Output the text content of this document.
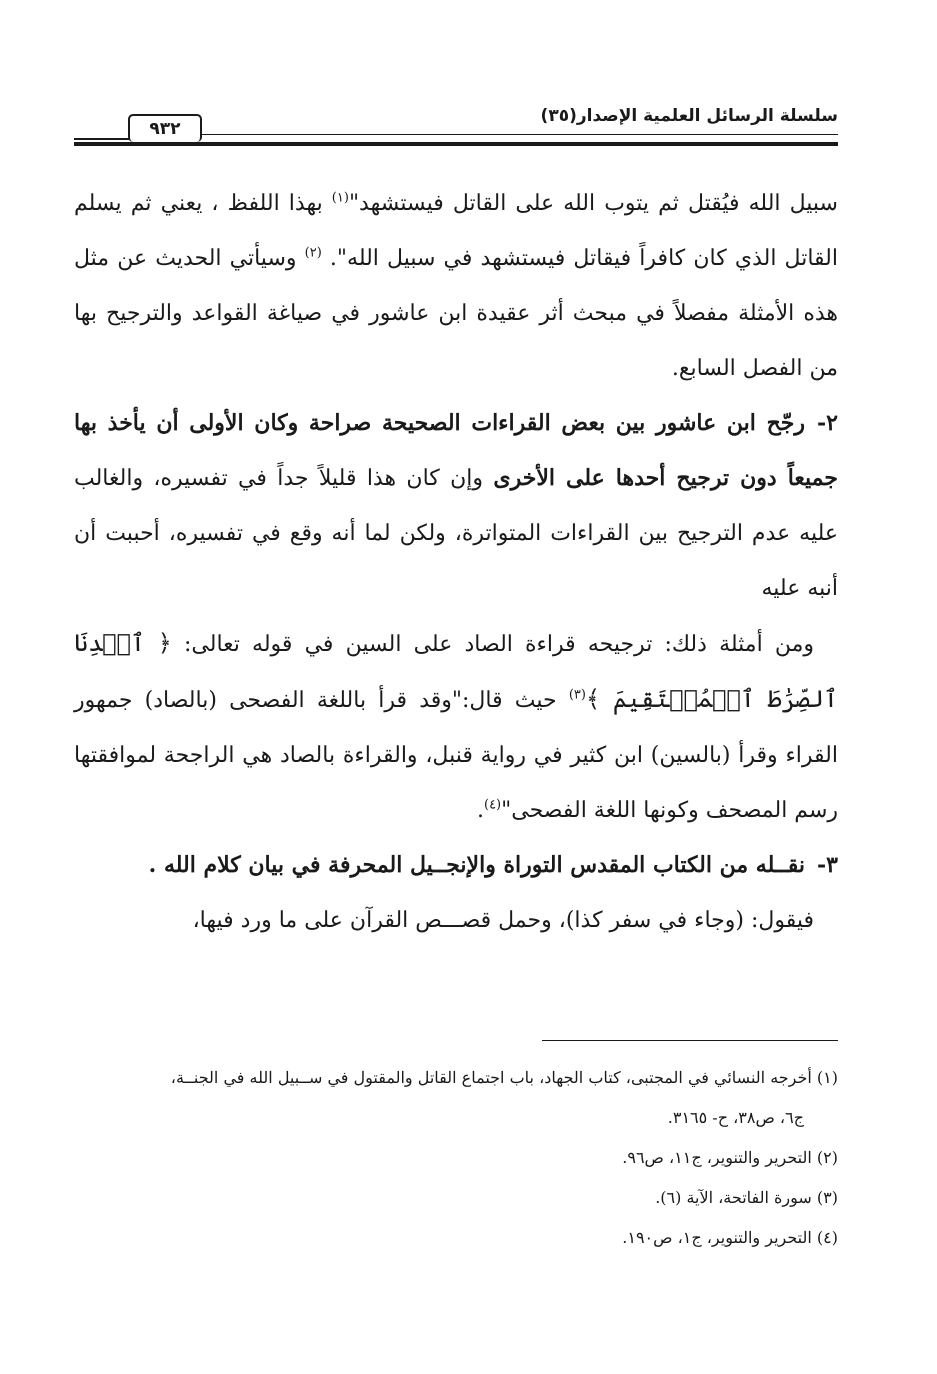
سلسلة الرسائل العلمية الإصدار(٣٥)
٩٣٢

سبيل الله فيُقتل ثم يتوب الله على القاتل فيستشهد"$^{(١)}$ بهذا اللفظ ، يعني ثم يسلم القاتل الذي كان كافراً فيقاتل فيستشهد في سبيل الله". $^{(٢)}$ وسيأتي الحديث عن مثل هذه الأمثلة مفصلاً في مبحث أثر عقيدة ابن عاشور في صياغة القواعد والترجيح بها من الفصل السابع.

٢-رجّح ابن عاشور بين بعض القراءات الصحيحة صراحة وكان الأولى أن يأخذ بها جميعاً دون ترجيح أحدها على الأخرى وإن كان هذا قليلاً جداً في تفسيره، والغالب عليه عدم الترجيح بين القراءات المتواترة، ولكن لما أنه وقع في تفسيره، أحببت أن أنبه عليه

ومن أمثلة ذلك: ترجيحه قراءة الصاد على السين في قوله تعالى: ﴿ ٱهۡدِنَا ٱلصِّرَٰطَ ٱلۡمُسۡتَقِيمَ ﴾$^{(٣)}$ حيث قال:"وقد قرأ باللغة الفصحى (بالصاد) جمهور القراء وقرأ (بالسين) ابن كثير في رواية قنبل، والقراءة بالصاد هي الراجحة لموافقتها رسم المصحف وكونها اللغة الفصحى"$^{(٤)}$.

٣-نقــله من الكتاب المقدس التوراة والإنجــيل المحرفة في بيان كلام الله .

فيقول: (وجاء في سفر كذا)، وحمل قصـــص القرآن على ما ورد فيها،

(١) أخرجه النسائي في المجتبى، كتاب الجهاد، باب اجتماع القاتل والمقتول في ســبيل الله في الجنــة،

ج٦، ص٣٨، ح- ٣١٦٥.

(٢) التحرير والتنوير، ج١١، ص٩٦.

(٣) سورة الفاتحة، الآية (٦).

(٤) التحرير والتنوير، ج١، ص١٩٠.
